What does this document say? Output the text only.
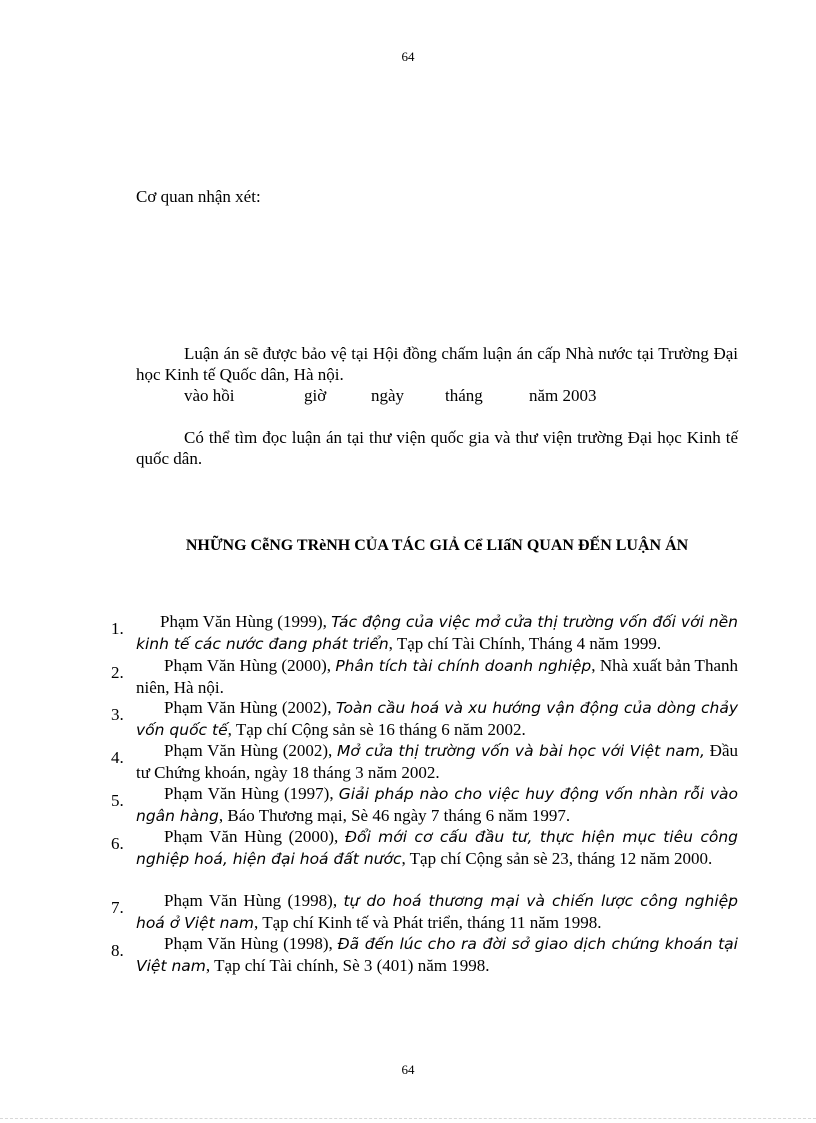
64
Cơ quan nhận xét:
Luận án sẽ được bảo vệ tại Hội đồng chấm luận án cấp Nhà nước tại Trường Đại học Kinh tế Quốc dân, Hà nội.
vào hồi	giờ	ngày tháng	năm 2003
Có thể tìm đọc luận án tại thư viện quốc gia và thư viện trường Đại học Kinh tế quốc dân.
NHỮNG CễNG TRèNH CỦA TÁC GIẢ Cể LIấN QUAN ĐẾN LUẬN ÁN
1.	Phạm Văn Hùng (1999), Tác động của việc mở cửa thị trường vốn đối với nền kinh tế các nước đang phát triển, Tạp chí Tài Chính, Tháng 4 năm 1999.
2.	Phạm Văn Hùng (2000), Phân tích tài chính doanh nghiệp, Nhà xuất bản Thanh niên, Hà nội.
3.	Phạm Văn Hùng (2002), Toàn cầu hoá và xu hướng vận động của dòng chảy vốn quốc tế, Tạp chí Cộng sản sè 16 tháng 6 năm 2002.
4.	Phạm Văn Hùng (2002), Mở cửa thị trường vốn và bài học với Việt nam, Đầu tư Chứng khoán, ngày 18 tháng 3 năm 2002.
5.	Phạm Văn Hùng (1997), Giải pháp nào cho việc huy động vốn nhàn rỗi vào ngân hàng, Báo Thương mại, Sè 46 ngày 7 tháng 6 năm 1997.
6.	Phạm Văn Hùng (2000), Đổi mới cơ cấu đầu tư, thực hiện mục tiêu công nghiệp hoá, hiện đại hoá đất nước, Tạp chí Cộng sản sè 23, tháng 12 năm 2000.
7.	Phạm Văn Hùng (1998), tự do hoá thương mại và chiến lược công nghiệp hoá ở Việt nam, Tạp chí Kinh tế và Phát triển, tháng 11 năm 1998.
8.	Phạm Văn Hùng (1998), Đã đến lúc cho ra đời sở giao dịch chứng khoán tại Việt nam, Tạp chí Tài chính, Sè 3 (401) năm 1998.
64
